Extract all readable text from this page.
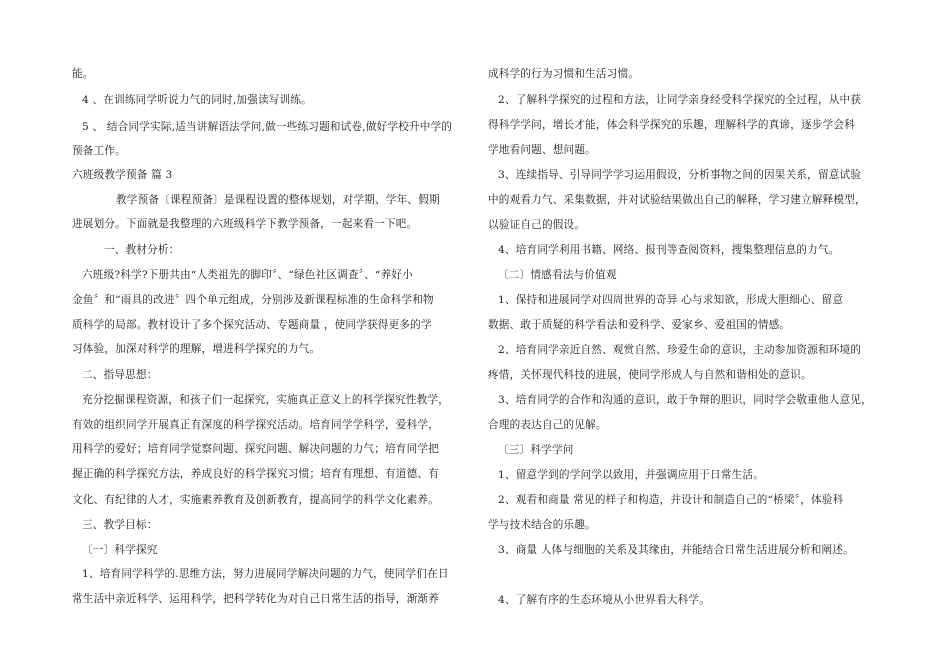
能。
4 、在训练同学听说力气的同时,加强读写训练。
5 、 结合同学实际,适当讲解语法学问,做一些练习题和试卷,做好学校升中学的
预备工作。
六班级教学预备 篇 3
教学预备〔课程预备〕是课程设置的整体规划，对学期、学年、假期
进展划分。下面就是我整理的六班级科学下教学预备，一起来看一下吧。
一、教材分析：
六班级?科学?下册共由“人类祖先的脚印〞、“绿色社区调查〞、“养好小
金鱼〞和“雨具的改进〞四个单元组成，分别涉及新课程标准的生命科学和物
质科学的局部。教材设计了多个探究活动、专题商量 ，使同学获得更多的学
习体验，加深对科学的理解，增进科学探究的力气。
二、指导思想：
充分挖掘课程资源，和孩子们一起探究，实施真正意义上的科学探究性教学，
有效的组织同学开展真正有深度的科学探究活动。培育同学学科学，爱科学，
用科学的爱好；培育同学觉察问题、探究问题、解决问题的力气；培育同学把
握正确的科学探究方法，养成良好的科学探究习惯；培育有理想、有道德、有
文化、有纪律的人才，实施素养教育及创新教育，提高同学的科学文化素养。
三、教学目标：
〔一〕科学探究
1、培育同学科学的.思维方法，努力进展同学解决问题的力气，使同学们在日
常生活中亲近科学、运用科学，把科学转化为对自己日常生活的指导，渐渐养
成科学的行为习惯和生活习惯。
2、了解科学探究的过程和方法，让同学亲身经受科学探究的全过程，从中获
得科学学问，增长才能，体会科学探究的乐趣，理解科学的真谛，逐步学会科
学地看问题、想问题。
3、连续指导、引导同学学习运用假设，分析事物之间的因果关系，留意试验
中的观看力气、采集数据，并对试验结果做出自己的解释，学习建立解释模型，
以验证自己的假设。
4、培育同学利用书籍、网络、报刊等查阅资料，搜集整理信息的力气。
〔二〕情感看法与价值观
1、保持和进展同学对四周世界的奇异 心与求知欲，形成大胆细心、留意
数据、敢于质疑的科学看法和爱科学、爱家乡、爱祖国的情感。
2、培育同学亲近自然、观赏自然、珍爱生命的意识，主动参加资源和环境的
疼惜，关怀现代科技的进展，使同学形成人与自然和谐相处的意识。
3、培育同学的合作和沟通的意识，敢于争辩的胆识，同时学会敬重他人意见，
合理的表达自己的见解。
〔三〕科学学问
1、留意学到的学问学以致用，并强调应用于日常生活。
2、观看和商量 常见的样子和构造，并设计和制造自己的“桥梁〞，体验科
学与技术结合的乐趣。
3、商量 人体与细胞的关系及其缘由，并能结合日常生活进展分析和阐述。
4、了解有序的生态环境从小世界看大科学。
